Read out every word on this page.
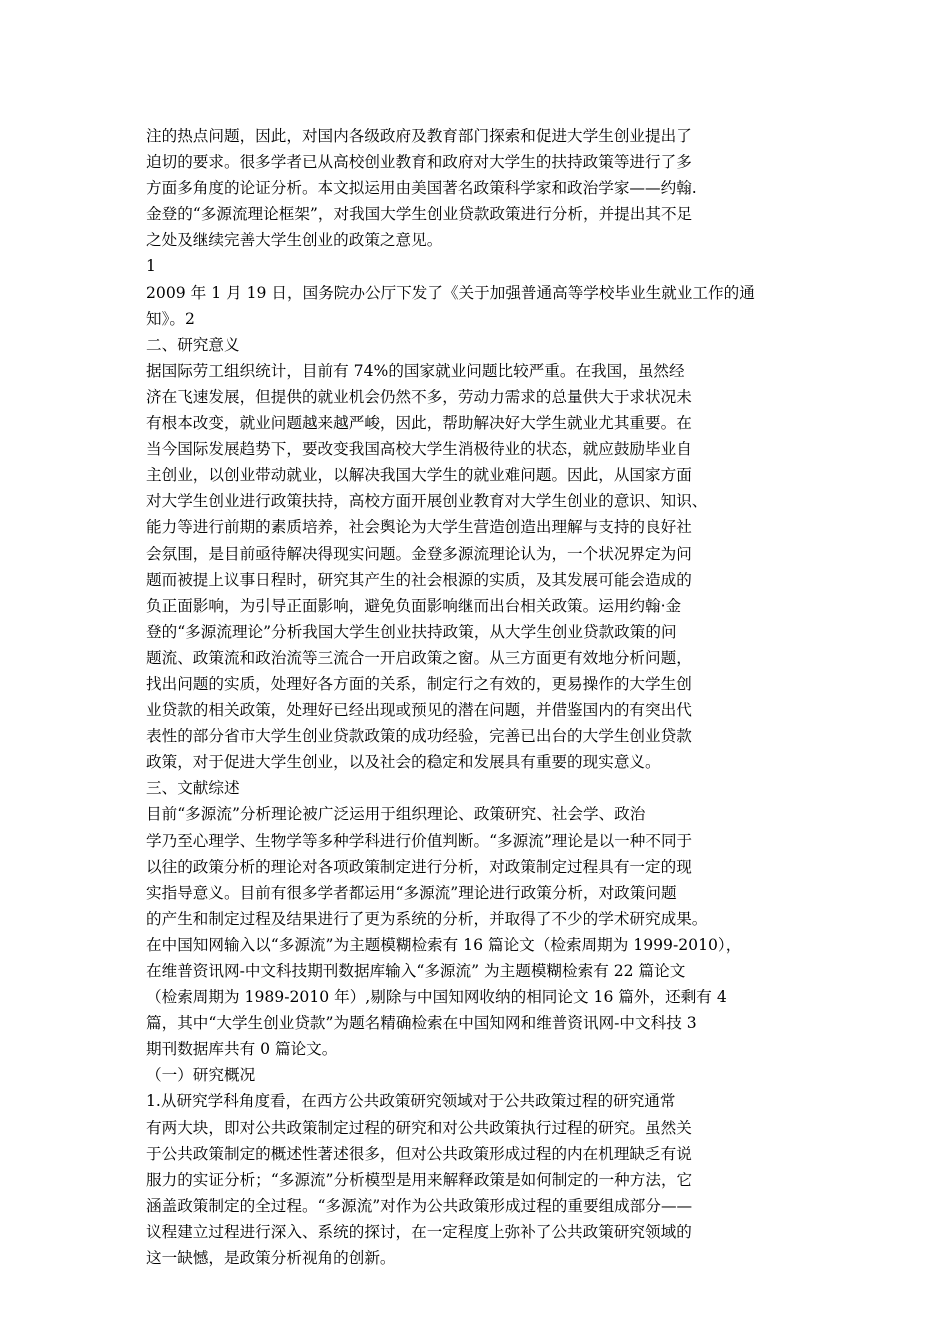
注的热点问题，因此，对国内各级政府及教育部门探索和促进大学生创业提出了
迫切的要求。很多学者已从高校创业教育和政府对大学生的扶持政策等进行了多
方面多角度的论证分析。本文拟运用由美国著名政策科学家和政治学家——约翰.
金登的“多源流理论框架”，对我国大学生创业贷款政策进行分析，并提出其不足
之处及继续完善大学生创业的政策之意见。
1
2009 年 1 月 19 日，国务院办公厅下发了《关于加强普通高等学校毕业生就业工作的通
知》。2
二、研究意义
据国际劳工组织统计，目前有 74%的国家就业问题比较严重。在我国，虽然经
济在飞速发展，但提供的就业机会仍然不多，劳动力需求的总量供大于求状况未
有根本改变，就业问题越来越严峻，因此，帮助解决好大学生就业尤其重要。在
当今国际发展趋势下，要改变我国高校大学生消极待业的状态，就应鼓励毕业自
主创业，以创业带动就业，以解决我国大学生的就业难问题。因此，从国家方面
对大学生创业进行政策扶持，高校方面开展创业教育对大学生创业的意识、知识、
能力等进行前期的素质培养，社会舆论为大学生营造创造出理解与支持的良好社
会氛围，是目前亟待解决得现实问题。金登多源流理论认为，一个状况界定为问
题而被提上议事日程时，研究其产生的社会根源的实质，及其发展可能会造成的
负正面影响，为引导正面影响，避免负面影响继而出台相关政策。运用约翰·金
登的“多源流理论”分析我国大学生创业扶持政策，从大学生创业贷款政策的问
题流、政策流和政治流等三流合一开启政策之窗。从三方面更有效地分析问题，
找出问题的实质，处理好各方面的关系，制定行之有效的，更易操作的大学生创
业贷款的相关政策，处理好已经出现或预见的潜在问题，并借鉴国内的有突出代
表性的部分省市大学生创业贷款政策的成功经验，完善已出台的大学生创业贷款
政策，对于促进大学生创业，以及社会的稳定和发展具有重要的现实意义。
三、文献综述
目前“多源流”分析理论被广泛运用于组织理论、政策研究、社会学、政治
学乃至心理学、生物学等多种学科进行价值判断。“多源流”理论是以一种不同于
以往的政策分析的理论对各项政策制定进行分析，对政策制定过程具有一定的现
实指导意义。目前有很多学者都运用“多源流”理论进行政策分析，对政策问题
的产生和制定过程及结果进行了更为系统的分析，并取得了不少的学术研究成果。
在中国知网输入以“多源流”为主题模糊检索有 16 篇论文（检索周期为 1999-2010），
在维普资讯网-中文科技期刊数据库输入“多源流” 为主题模糊检索有 22 篇论文
（检索周期为 1989-2010 年）,剔除与中国知网收纳的相同论文 16 篇外，还剩有 4
篇，其中“大学生创业贷款”为题名精确检索在中国知网和维普资讯网-中文科技 3
期刊数据库共有 0 篇论文。
（一）研究概况
1.从研究学科角度看，在西方公共政策研究领域对于公共政策过程的研究通常
有两大块，即对公共政策制定过程的研究和对公共政策执行过程的研究。虽然关
于公共政策制定的概述性著述很多，但对公共政策形成过程的内在机理缺乏有说
服力的实证分析；“多源流”分析模型是用来解释政策是如何制定的一种方法，它
涵盖政策制定的全过程。“多源流”对作为公共政策形成过程的重要组成部分——
议程建立过程进行深入、系统的探讨，在一定程度上弥补了公共政策研究领域的
这一缺憾，是政策分析视角的创新。
